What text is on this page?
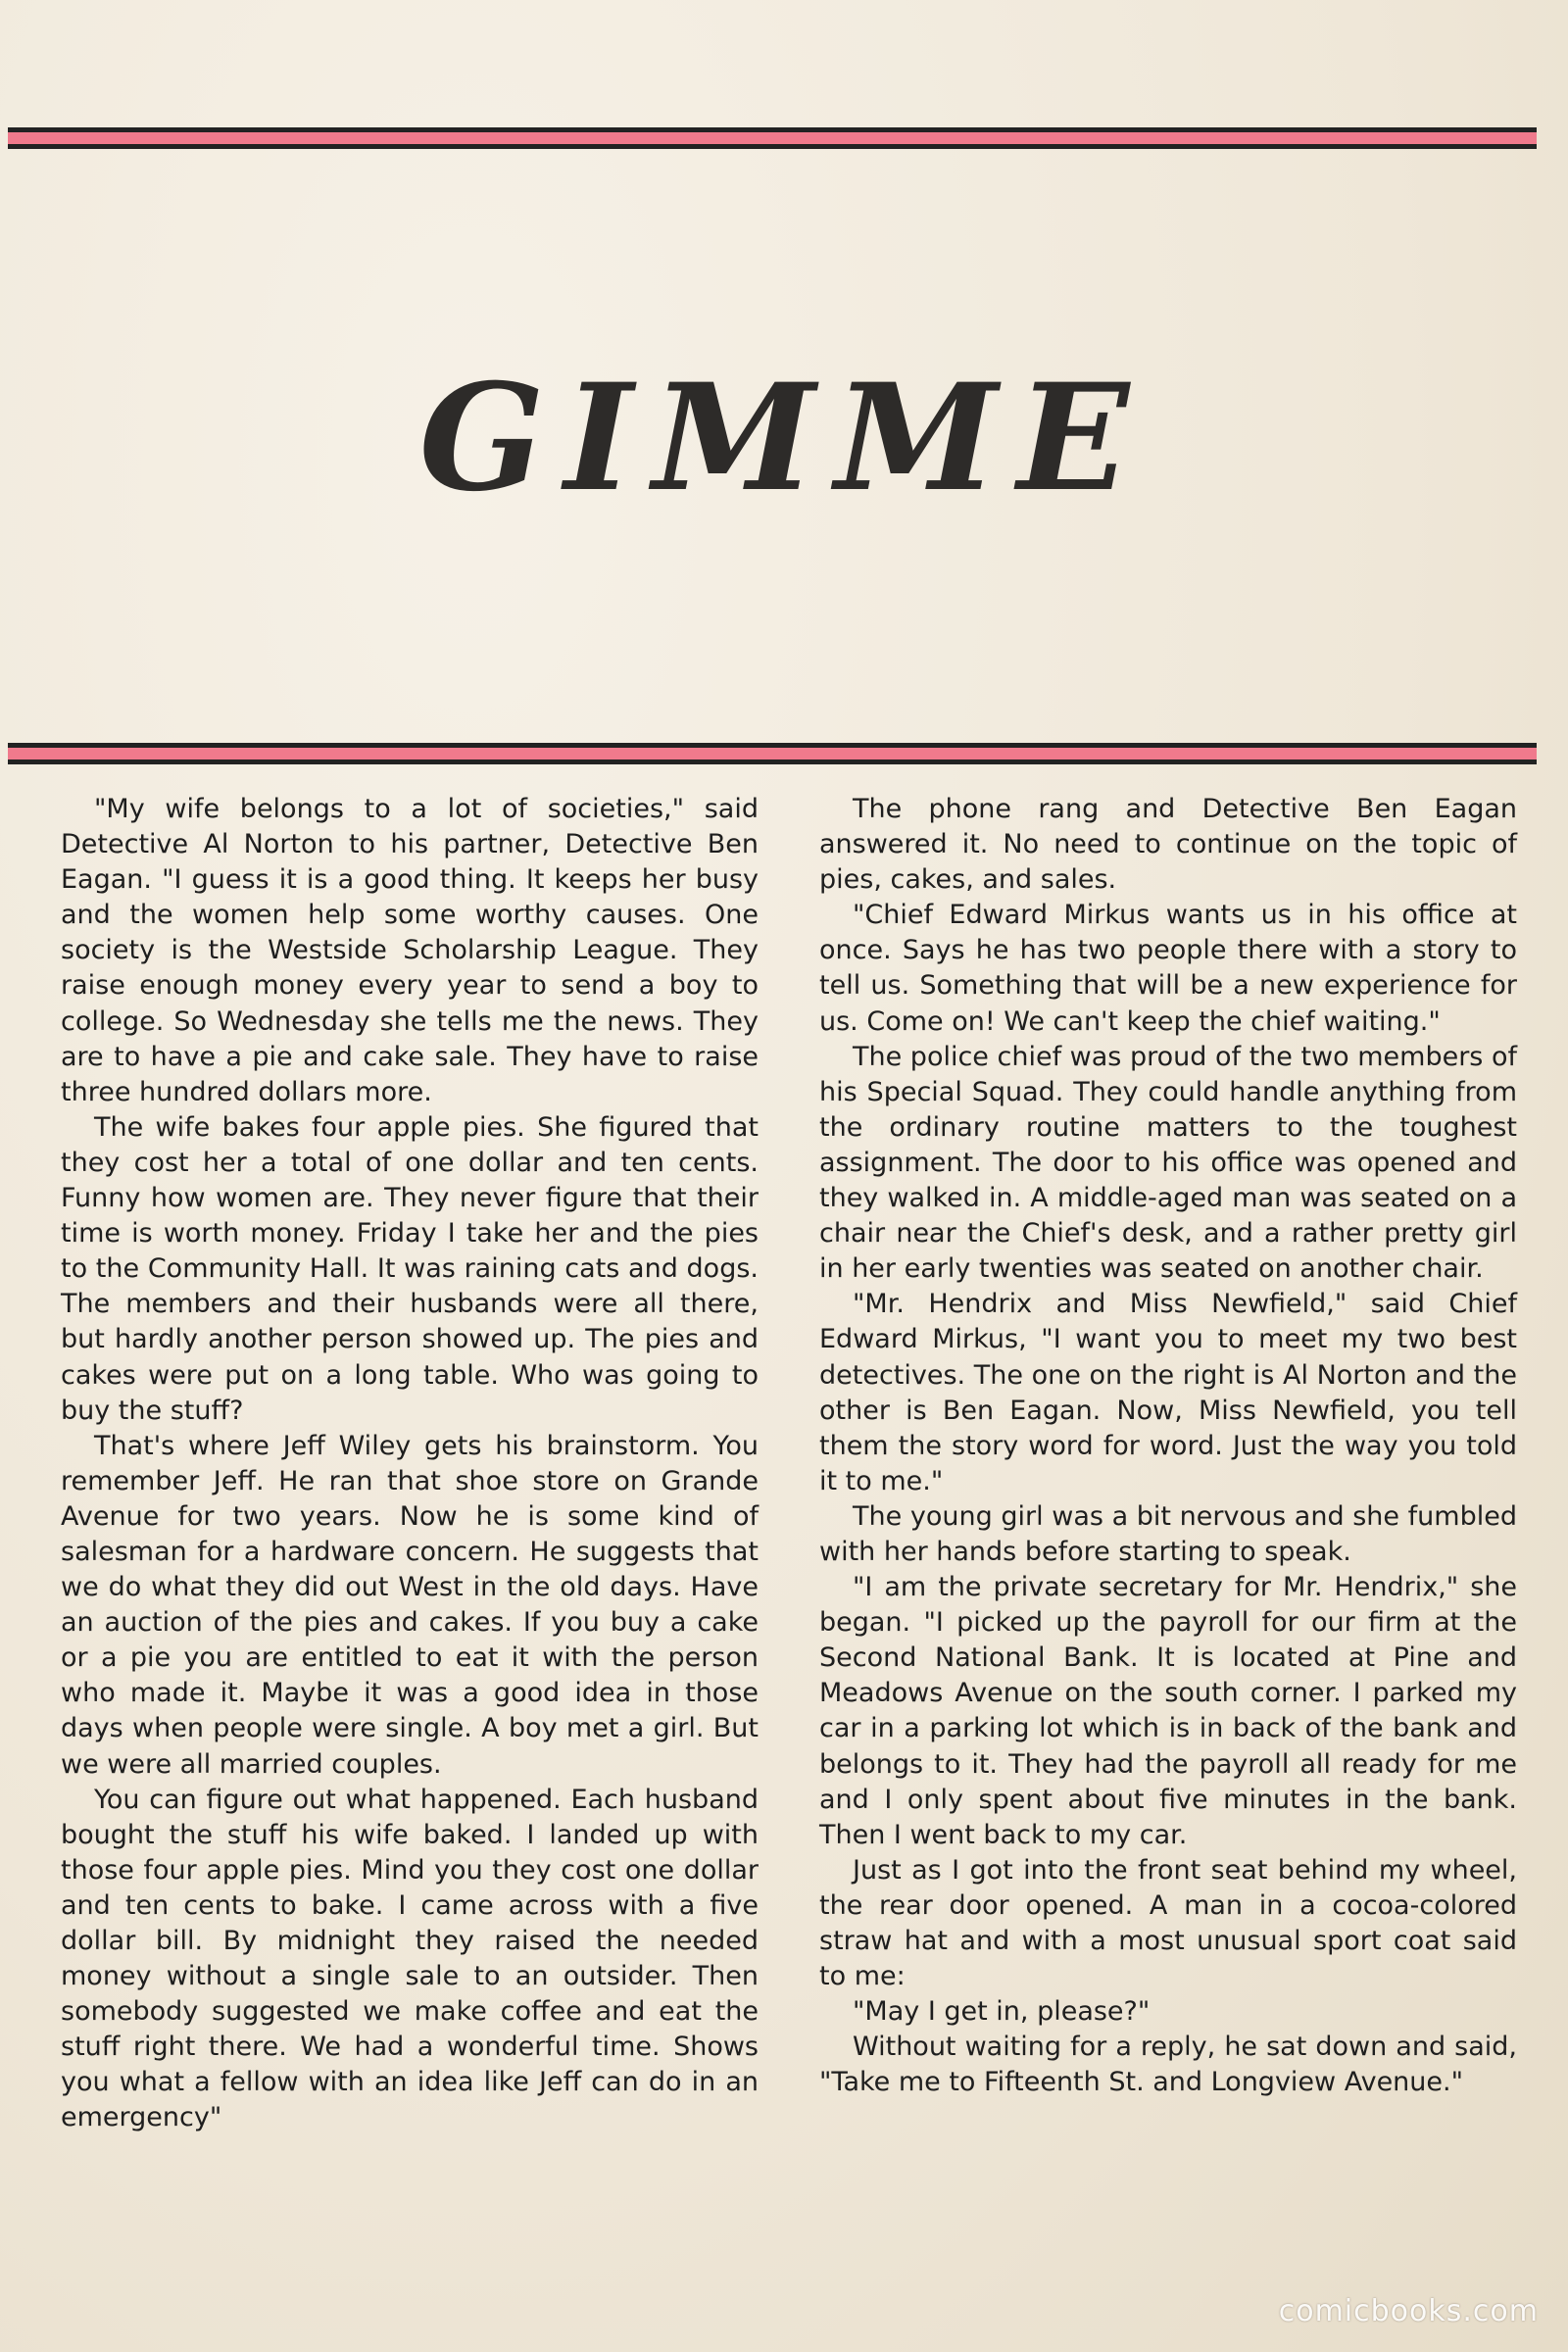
GIMME

"My wife belongs to a lot of societies," said Detective Al Norton to his partner, Detective Ben Eagan. "I guess it is a good thing. It keeps her busy and the women help some worthy causes. One society is the Westside Scholarship League. They raise enough money every year to send a boy to college. So Wednesday she tells me the news. They are to have a pie and cake sale. They have to raise three hundred dollars more.

The wife bakes four apple pies. She figured that they cost her a total of one dollar and ten cents. Funny how women are. They never figure that their time is worth money. Friday I take her and the pies to the Community Hall. It was raining cats and dogs. The members and their husbands were all there, but hardly another person showed up. The pies and cakes were put on a long table. Who was going to buy the stuff?

That's where Jeff Wiley gets his brainstorm. You remember Jeff. He ran that shoe store on Grande Avenue for two years. Now he is some kind of salesman for a hardware concern. He suggests that we do what they did out West in the old days. Have an auction of the pies and cakes. If you buy a cake or a pie you are entitled to eat it with the person who made it. Maybe it was a good idea in those days when people were single. A boy met a girl. But we were all married couples.

You can figure out what happened. Each husband bought the stuff his wife baked. I landed up with those four apple pies. Mind you they cost one dollar and ten cents to bake. I came across with a five dollar bill. By midnight they raised the needed money without a single sale to an outsider. Then somebody suggested we make coffee and eat the stuff right there. We had a wonderful time. Shows you what a fellow with an idea like Jeff can do in an emergency"

The phone rang and Detective Ben Eagan answered it. No need to continue on the topic of pies, cakes, and sales.

"Chief Edward Mirkus wants us in his office at once. Says he has two people there with a story to tell us. Something that will be a new experience for us. Come on! We can't keep the chief waiting."

The police chief was proud of the two members of his Special Squad. They could handle anything from the ordinary routine matters to the toughest assignment. The door to his office was opened and they walked in. A middle-aged man was seated on a chair near the Chief's desk, and a rather pretty girl in her early twenties was seated on another chair.

"Mr. Hendrix and Miss Newfield," said Chief Edward Mirkus, "I want you to meet my two best detectives. The one on the right is Al Norton and the other is Ben Eagan. Now, Miss Newfield, you tell them the story word for word. Just the way you told it to me."

The young girl was a bit nervous and she fumbled with her hands before starting to speak.

"I am the private secretary for Mr. Hendrix," she began. "I picked up the payroll for our firm at the Second National Bank. It is located at Pine and Meadows Avenue on the south corner. I parked my car in a parking lot which is in back of the bank and belongs to it. They had the payroll all ready for me and I only spent about five minutes in the bank. Then I went back to my car.

Just as I got into the front seat behind my wheel, the rear door opened. A man in a cocoa-colored straw hat and with a most unusual sport coat said to me:

"May I get in, please?"

Without waiting for a reply, he sat down and said, "Take me to Fifteenth St. and Longview Avenue."

comicbooks.com
